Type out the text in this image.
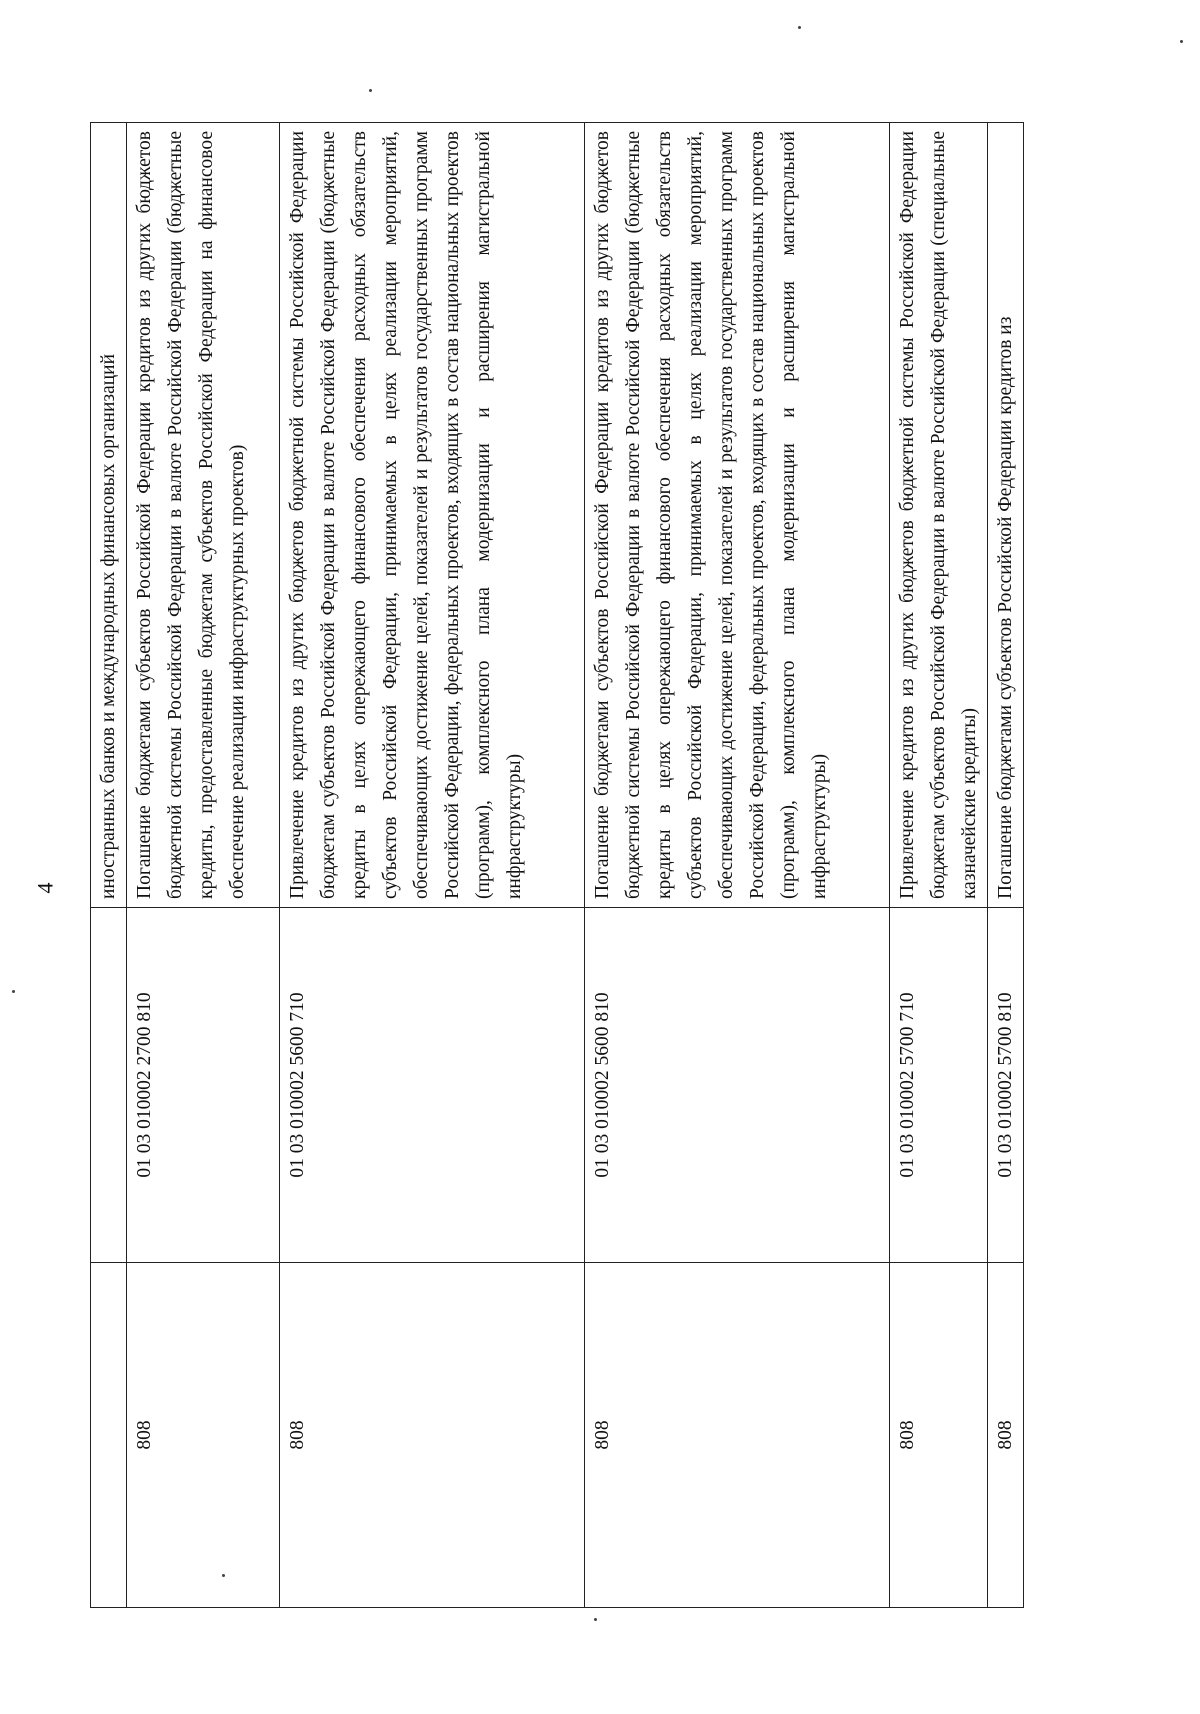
4
		иностранных банков и международных финансовых организаций
808	01 03 010002 2700 810	Погашение бюджетами субъектов Российской Федерации кредитов из других бюджетов бюджетной системы Российской Федерации в валюте Российской Федерации (бюджетные кредиты, предоставленные бюджетам субъектов Российской Федерации на финансовое обеспечение реализации инфраструктурных проектов)
808	01 03 010002 5600 710	Привлечение кредитов из других бюджетов бюджетной системы Российской Федерации бюджетам субъектов Российской Федерации в валюте Российской Федерации (бюджетные кредиты в целях опережающего финансового обеспечения расходных обязательств субъектов Российской Федерации, принимаемых в целях реализации мероприятий, обеспечивающих достижение целей, показателей и результатов государственных программ Российской Федерации, федеральных проектов, входящих в состав национальных проектов (программ), комплексного плана модернизации и расширения магистральной инфраструктуры)
808	01 03 010002 5600 810	Погашение бюджетами субъектов Российской Федерации кредитов из других бюджетов бюджетной системы Российской Федерации в валюте Российской Федерации (бюджетные кредиты в целях опережающего финансового обеспечения расходных обязательств субъектов Российской Федерации, принимаемых в целях реализации мероприятий, обеспечивающих достижение целей, показателей и результатов государственных программ Российской Федерации, федеральных проектов, входящих в состав национальных проектов (программ), комплексного плана модернизации и расширения магистральной инфраструктуры)
808	01 03 010002 5700 710	Привлечение кредитов из других бюджетов бюджетной системы Российской Федерации бюджетам субъектов Российской Федерации в валюте Российской Федерации (специальные казначейские кредиты)
808	01 03 010002 5700 810	Погашение бюджетами субъектов Российской Федерации кредитов из
